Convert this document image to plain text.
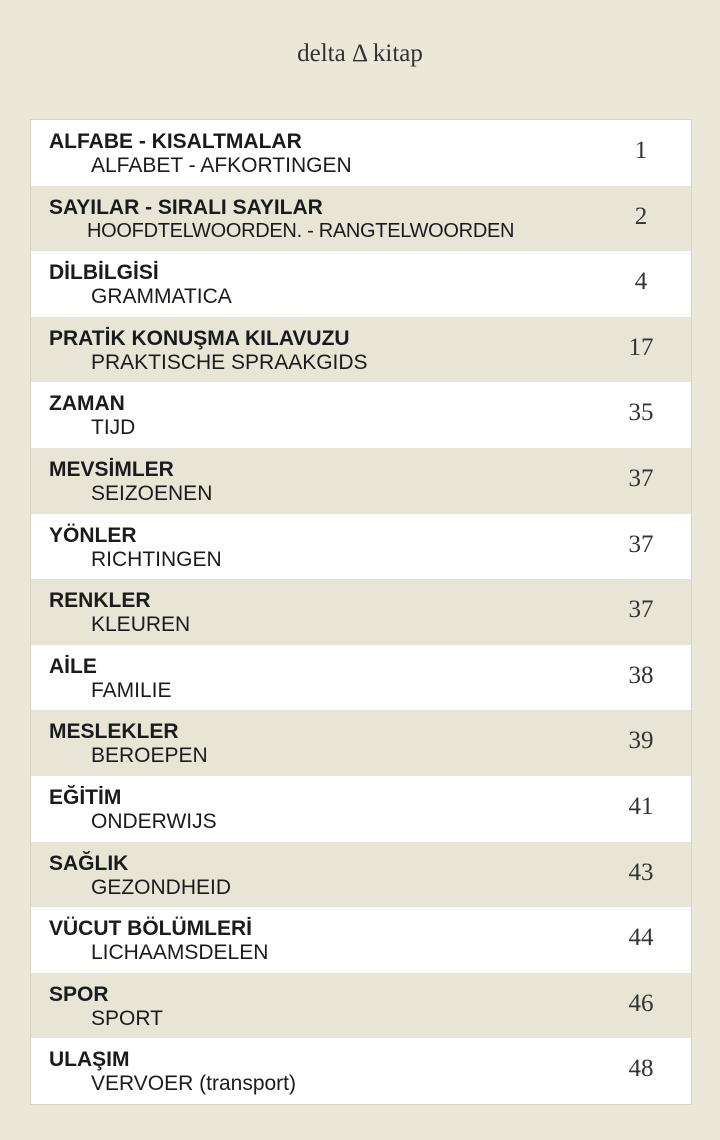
delta Δ kitap
ALFABE - KISALTMALAR
ALFABET - AFKORTINGEN
1
SAYILAR - SIRALI SAYILAR
HOOFDTELWOORDEN. - RANGTELWOORDEN
2
DİLBİLGİSİ
GRAMMATICA
4
PRATİK KONUŞMA KILAVUZU
PRAKTISCHE SPRAAKGIDS
17
ZAMAN
TIJD
35
MEVSİMLER
SEIZOENEN
37
YÖNLER
RICHTINGEN
37
RENKLER
KLEUREN
37
AİLE
FAMILIE
38
MESLEKLER
BEROEPEN
39
EĞİTİM
ONDERWIJS
41
SAĞLIK
GEZONDHEID
43
VÜCUT BÖLÜMLERİ
LICHAAMSDELEN
44
SPOR
SPORT
46
ULAŞIM
VERVOER (transport)
48
